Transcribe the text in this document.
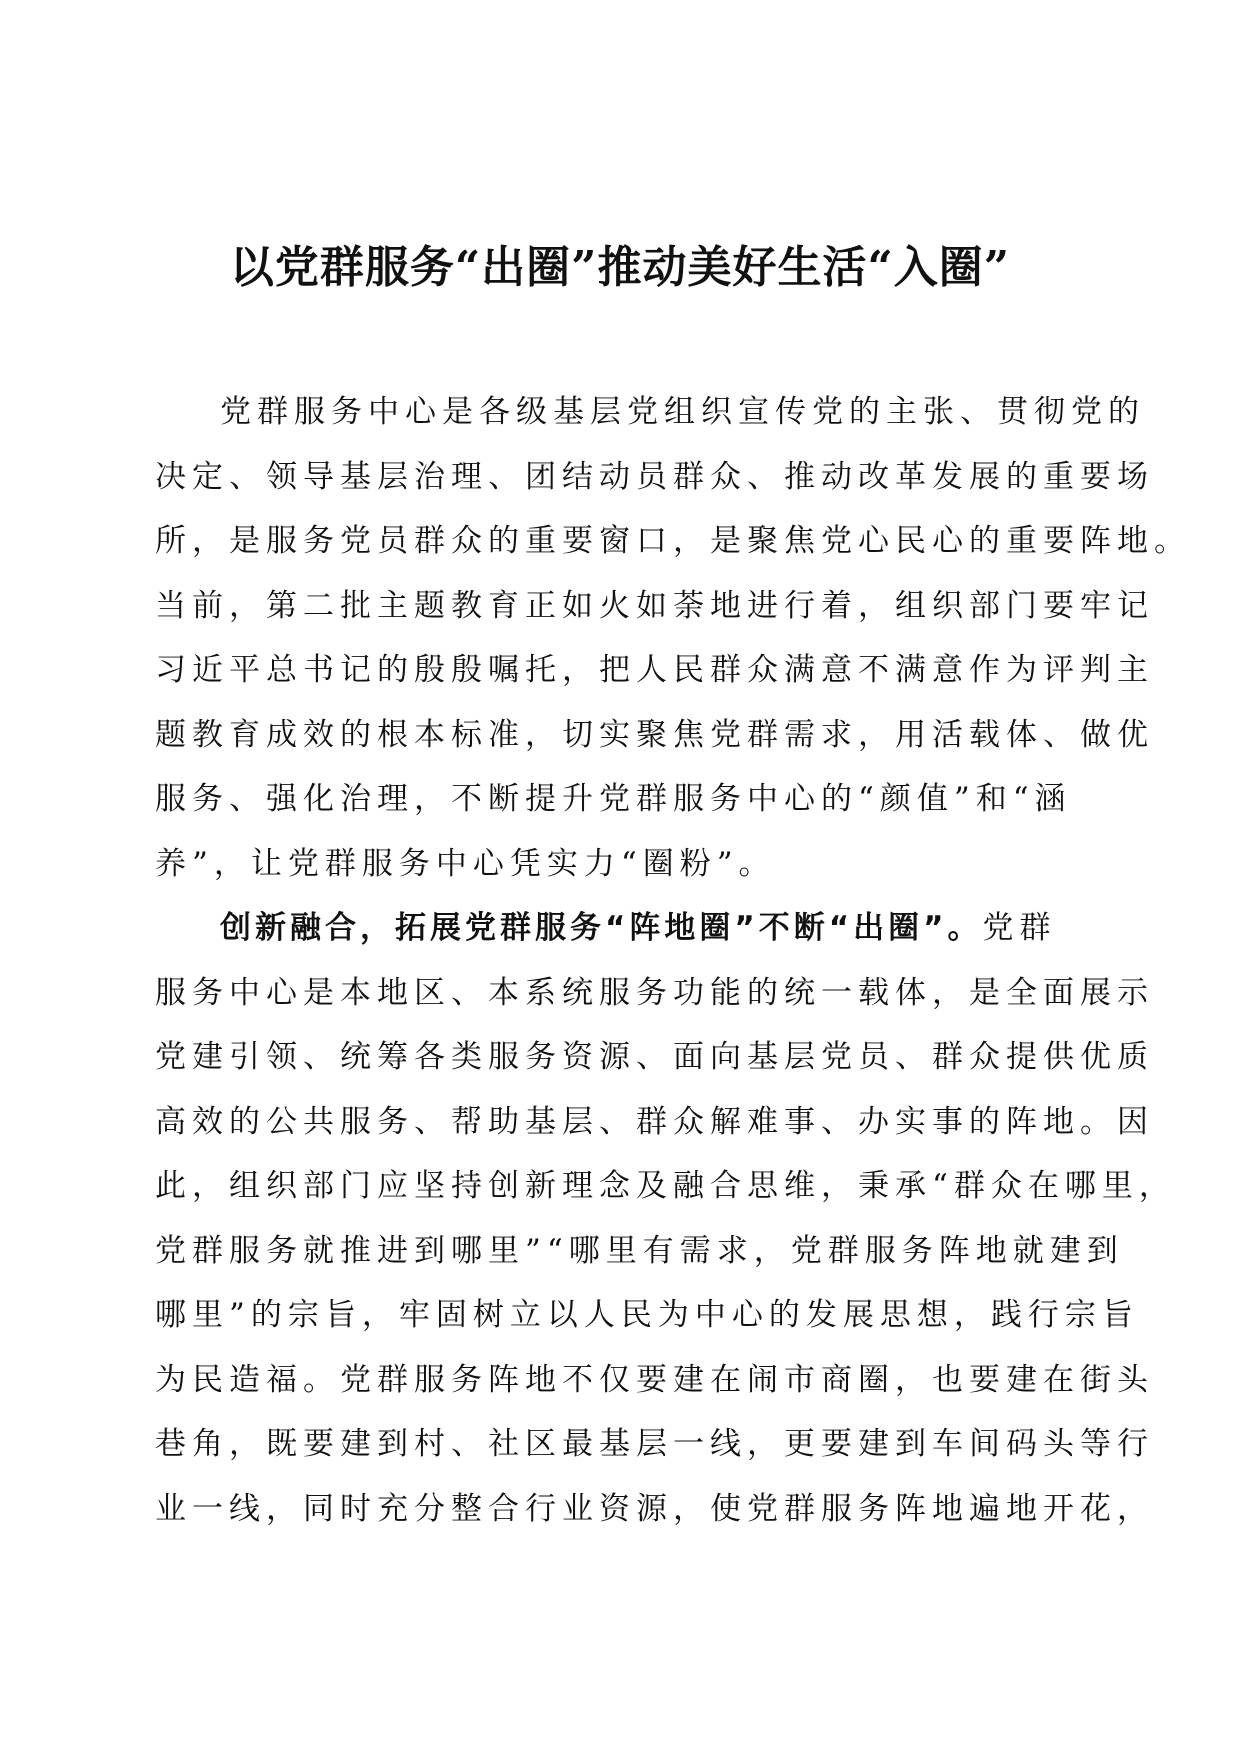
以党群服务“出圈”推动美好生活“入圈”
党群服务中心是各级基层党组织宣传党的主张、贯彻党的
决定、领导基层治理、团结动员群众、推动改革发展的重要场
所，是服务党员群众的重要窗口，是聚焦党心民心的重要阵地。
当前，第二批主题教育正如火如荼地进行着，组织部门要牢记
习近平总书记的殷殷嘱托，把人民群众满意不满意作为评判主
题教育成效的根本标准，切实聚焦党群需求，用活载体、做优
服务、强化治理，不断提升党群服务中心的“颜值”和“涵
养”，让党群服务中心凭实力“圈粉”。
创新融合，拓展党群服务“阵地圈”不断“出圈”。党群
服务中心是本地区、本系统服务功能的统一载体，是全面展示
党建引领、统筹各类服务资源、面向基层党员、群众提供优质
高效的公共服务、帮助基层、群众解难事、办实事的阵地。因
此，组织部门应坚持创新理念及融合思维，秉承“群众在哪里，
党群服务就推进到哪里”“哪里有需求，党群服务阵地就建到
哪里”的宗旨，牢固树立以人民为中心的发展思想，践行宗旨
为民造福。党群服务阵地不仅要建在闹市商圈，也要建在街头
巷角，既要建到村、社区最基层一线，更要建到车间码头等行
业一线，同时充分整合行业资源，使党群服务阵地遍地开花，
